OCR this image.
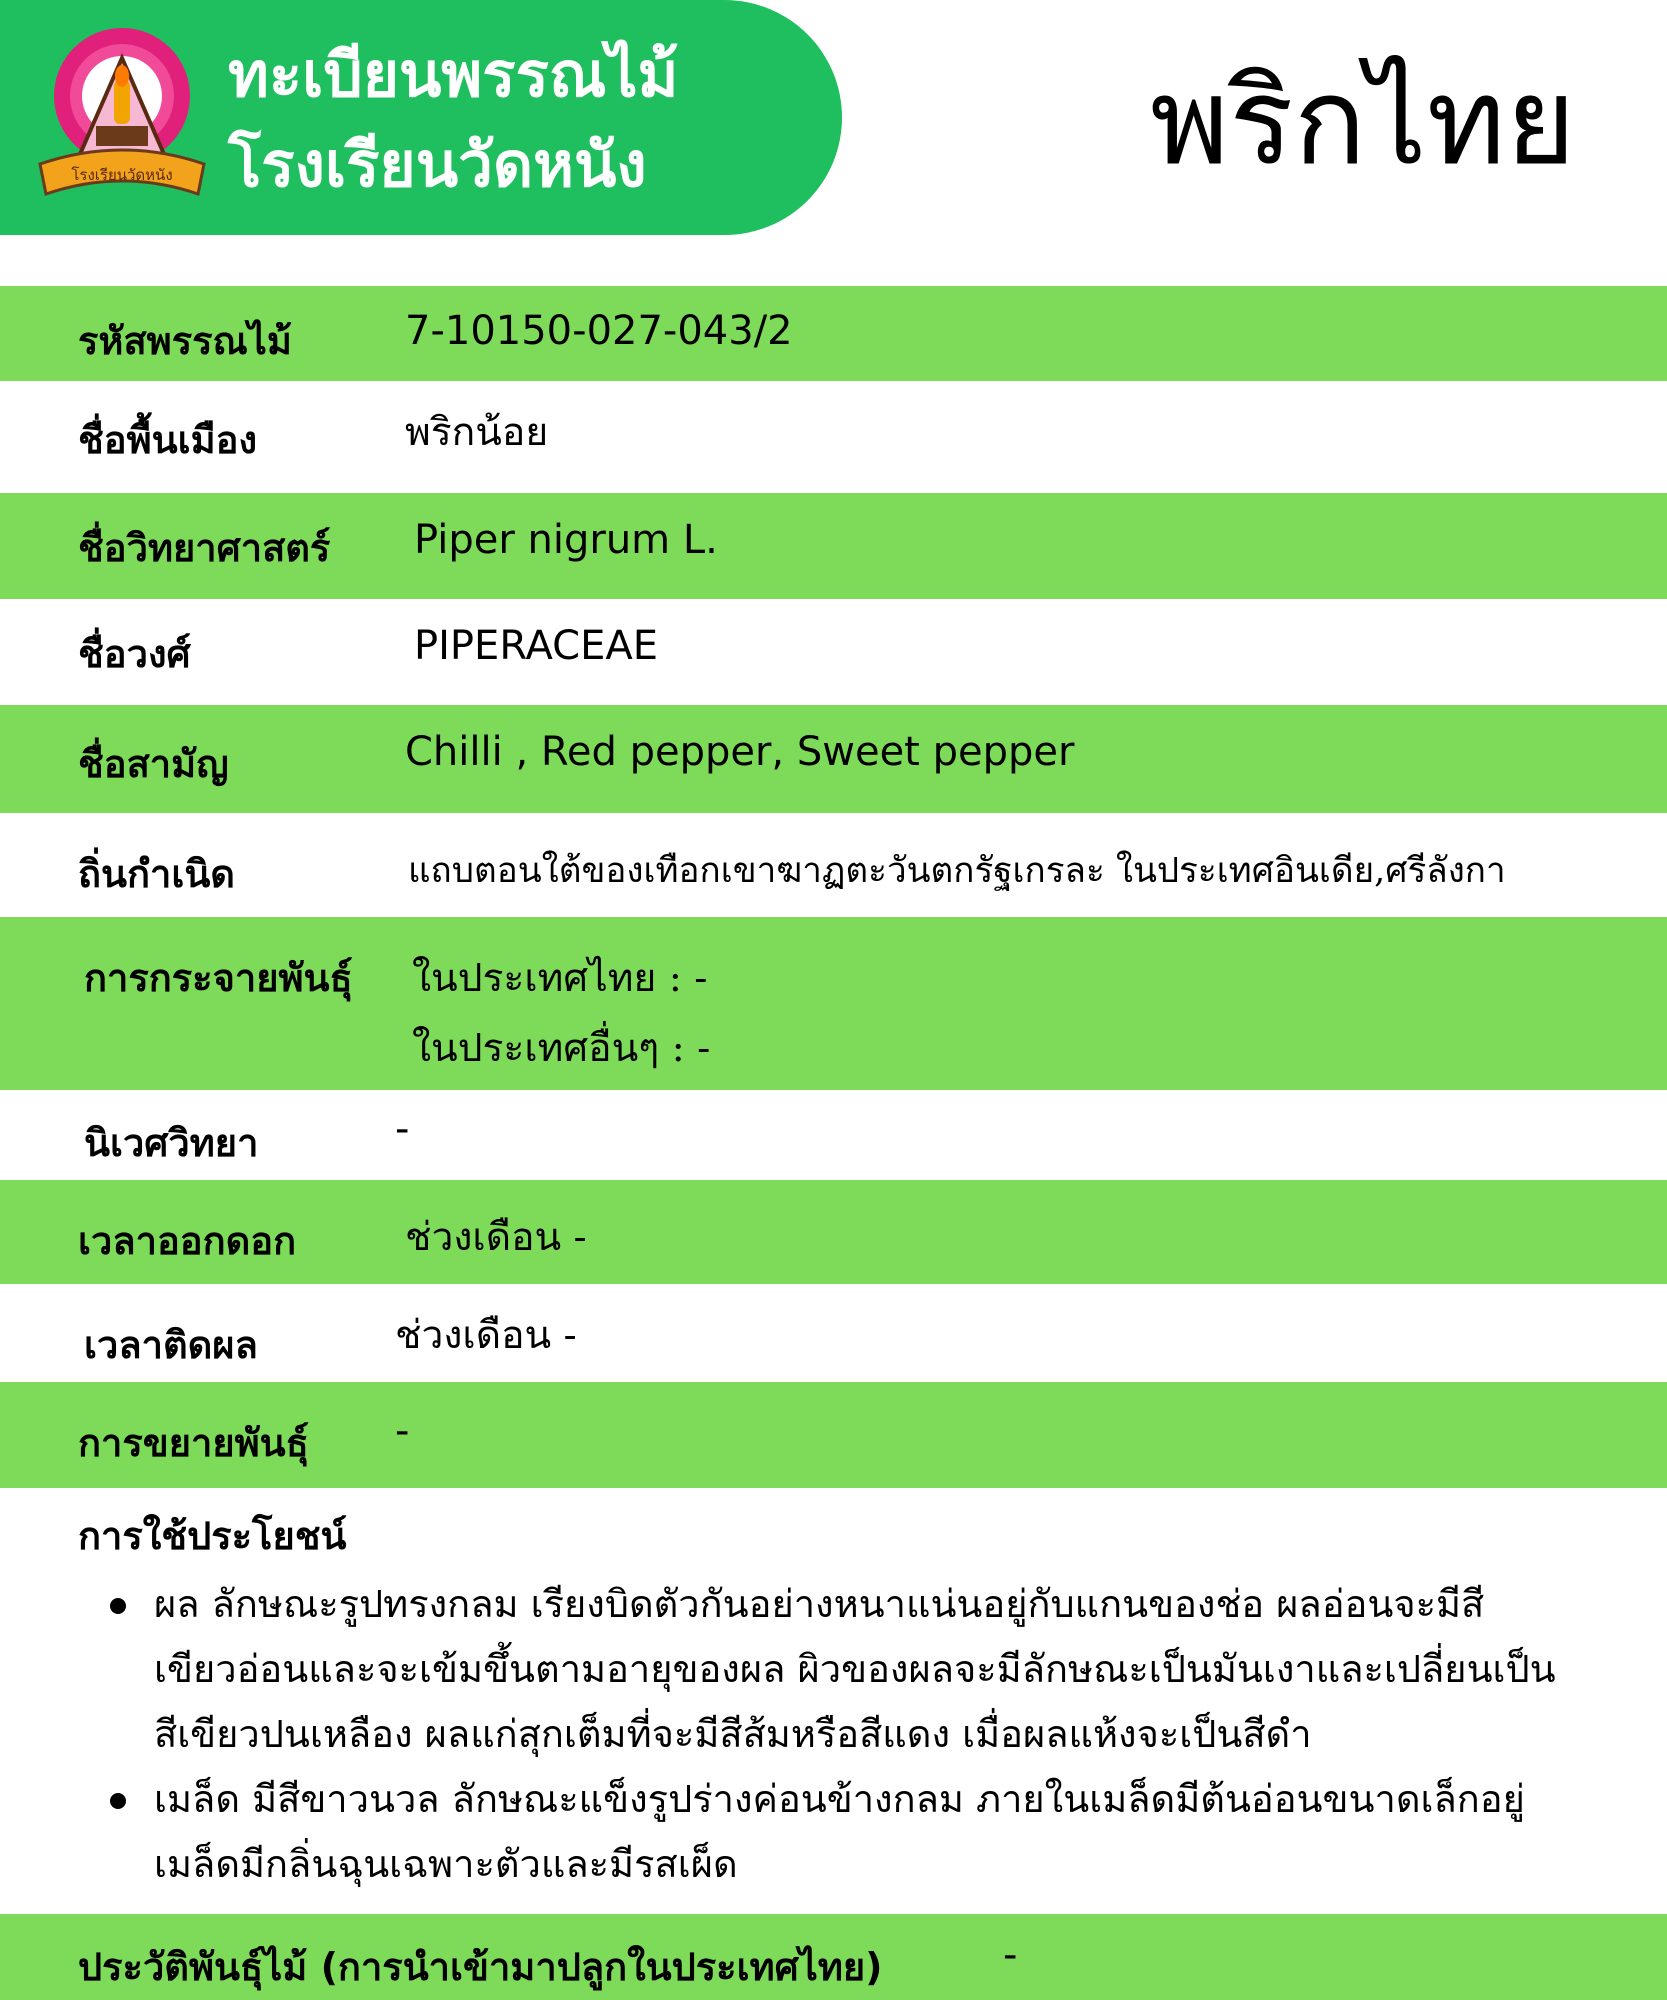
โรงเรียนวัดหนัง
ทะเบียนพรรณไม้
โรงเรียนวัดหนัง	พริกไทย
รหัสพรรณไม้	7-10150-027-043/2
ชื่อพื้นเมือง	พริกน้อย
ชื่อวิทยาศาสตร์ Piper nigrum L.
ชื่อวงศ์	PIPERACEAE
ชื่อสามัญ	Chilli , Red pepper, Sweet pepper
ถิ่นกำเนิด	แถบตอนใต้ของเทือกเขาฆาฏตะวันตกรัฐเกรละ ในประเทศอินเดีย,ศรีลังกา
การกระจายพันธุ์ ในประเทศไทย : -
ในประเทศอื่นๆ : -
นิเวศวิทยา	-
เวลาออกดอก	ช่วงเดือน -
เวลาติดผล	ช่วงเดือน -
การขยายพันธุ์ -
การใช้ประโยชน์
ผล ลักษณะรูปทรงกลม เรียงบิดตัวกันอย่างหนาแน่นอยู่กับแกนของช่อ ผลอ่อนจะมีสี
เขียวอ่อนและจะเข้มขึ้นตามอายุของผล ผิวของผลจะมีลักษณะเป็นมันเงาและเปลี่ยนเป็น
สีเขียวปนเหลือง ผลแก่สุกเต็มที่จะมีสีส้มหรือสีแดง เมื่อผลแห้งจะเป็นสีดำ
เมล็ด มีสีขาวนวล ลักษณะแข็งรูปร่างค่อนข้างกลม ภายในเมล็ดมีต้นอ่อนขนาดเล็กอยู่
เมล็ดมีกลิ่นฉุนเฉพาะตัวและมีรสเผ็ด
ประวัติพันธุ์ไม้ (การนำเข้ามาปลูกในประเทศไทย)	-
